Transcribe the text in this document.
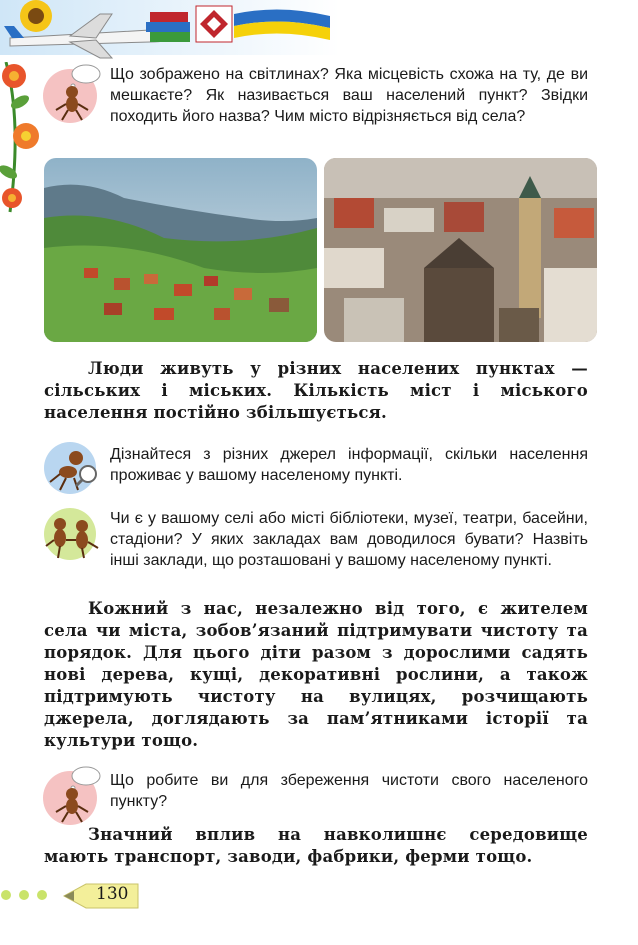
Що зображено на світлинах? Яка місцевість схожа на ту, де ви мешкаєте? Як називається ваш населений пункт? Звідки походить його назва? Чим місто відрізняється від села?
Люди живуть у різних населених пунктах — сільських і міських. Кількість міст і міського населення постійно збільшується.
Дізнайтеся з різних джерел інформації, скільки населення проживає у вашому населеному пункті.
Чи є у вашому селі або місті бібліотеки, музеї, театри, басейни, стадіони? У яких закладах вам доводилося бувати? Назвіть інші заклади, що розташовані у вашому населеному пункті.
Кожний з нас, незалежно від того, є жителем села чи міста, зобов’язаний підтримувати чистоту та порядок. Для цього діти разом з дорослими садять нові дерева, кущі, декоративні рослини, а також підтримують чистоту на вулицях, розчищають джерела, доглядають за пам’ятниками історії та культури тощо.
Що робите ви для збереження чистоти свого населеного пункту?
Значний вплив на навколишнє середовище мають транспорт, заводи, фабрики, ферми тощо.
130
